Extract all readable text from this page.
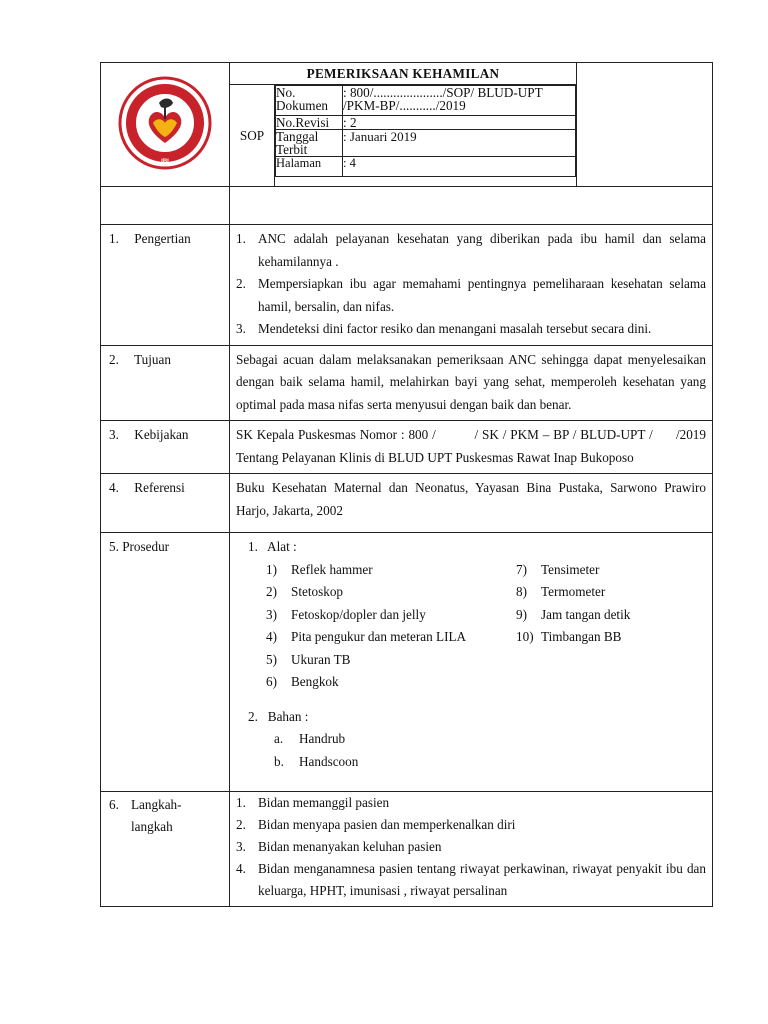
IBI
	PEMERIKSAAN KEHAMILAN	
SOP	
No. Dokumen	: 800/...................../SOP/ BLUD-UPT /PKM-BP/.........../2019
No.Revisi	: 2
Tanggal Terbit	: Januari 2019
Halaman	: 4

1. Pengertian	1. ANC adalah pelayanan kesehatan yang diberikan pada ibu hamil dan selama kehamilannya .
2. Mempersiapkan ibu agar memahami pentingnya pemeliharaan kesehatan selama hamil, bersalin, dan nifas.
3. Mendeteksi dini factor resiko dan menangani masalah tersebut secara dini.

2. Tujuan	Sebagai acuan dalam melaksanakan pemeriksaan ANC sehingga dapat menyelesaikan dengan baik selama hamil, melahirkan bayi yang sehat, memperoleh kesehatan yang optimal pada masa nifas serta menyusui dengan baik dan benar.

3. Kebijakan	SK Kepala Puskesmas Nomor : 800 /          / SK / PKM – BP / BLUD-UPT /      /2019 Tentang Pelayanan Klinis di BLUD UPT Puskesmas Rawat Inap Bukoposo

4. Referensi	Buku Kesehatan Maternal dan Neonatus, Yayasan Bina Pustaka, Sarwono Prawiro Harjo, Jakarta, 2002

5. Prosedur	1.   Alat :
1) Reflek hammer
2) Stetoskop
3) Fetoskop/dopler dan jelly
4) Pita pengukur dan meteran LILA
5) Ukuran TB
6) Bengkok
7) Tensimeter
8) Termometer
9) Jam tangan detik
10) Timbangan BB
2.   Bahan :
a. Handrub
b. Handscoon

6. Langkah-
langkah

1. Bidan memanggil pasien
2. Bidan menyapa pasien dan memperkenalkan diri
3. Bidan menanyakan keluhan pasien
4. Bidan menganamnesa pasien tentang riwayat perkawinan, riwayat penyakit ibu dan keluarga, HPHT, imunisasi , riwayat persalinan
